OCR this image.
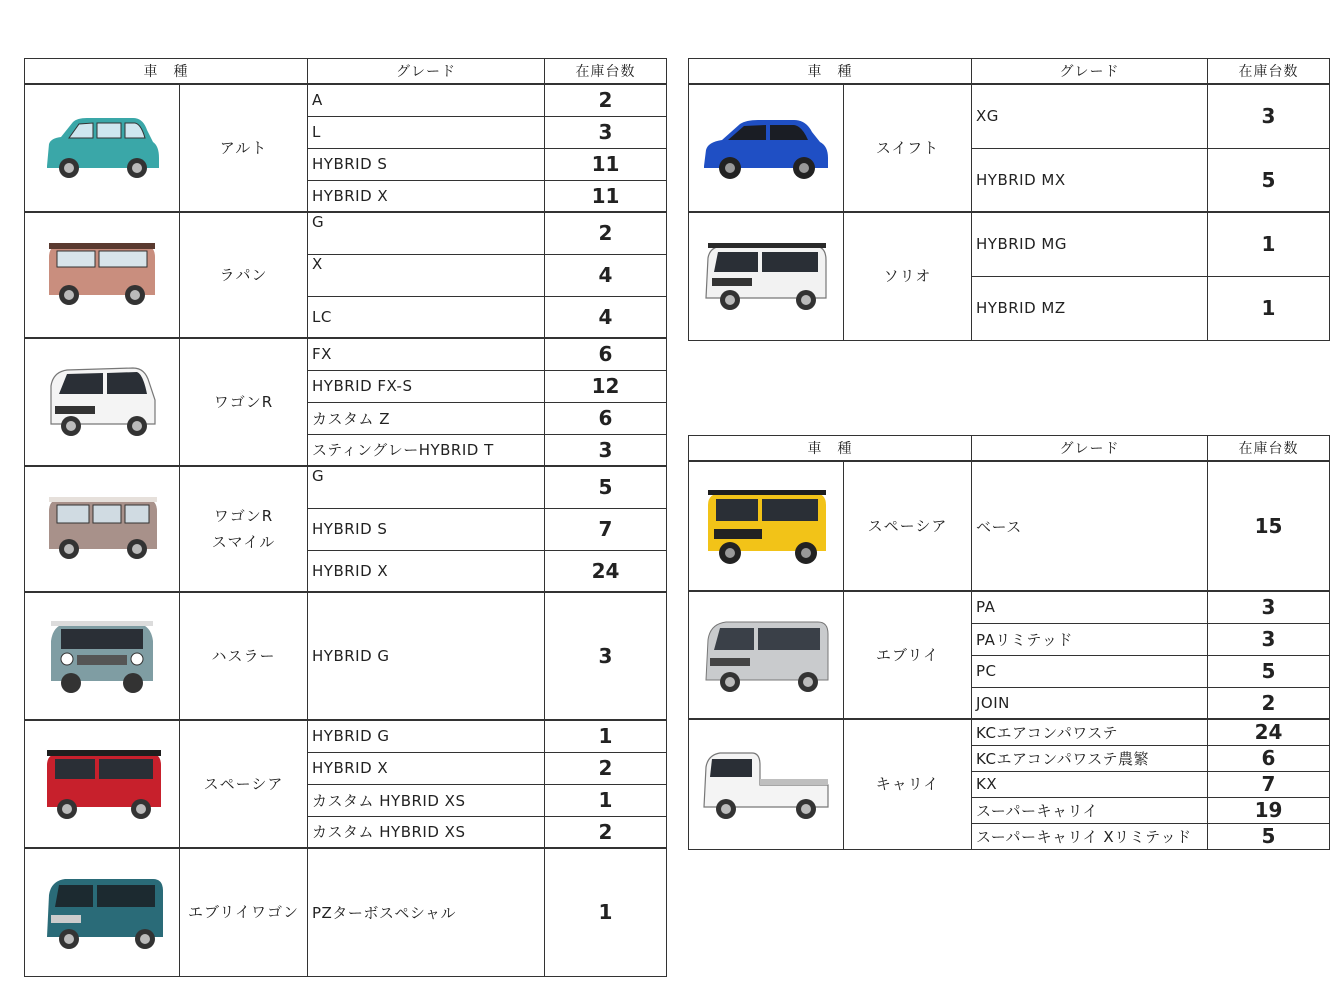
車　種		グレード	在庫台数

	アルト	A	2
		L	3
		HYBRID S	11
		HYBRID X	11

	ラパン	G	2
		X	4
		LC	4

	ワゴンR	FX	6
		HYBRID FX-S	12
		カスタム Z	6
		スティングレーHYBRID T	3

	ワゴンR
スマイル	G	5
		HYBRID S	7
		HYBRID X	24

	ハスラー	HYBRID G	3

	スペーシア	HYBRID G	1
		HYBRID X	2
		カスタム HYBRID XS	1
		カスタム HYBRID XS	2

	エブリイワゴン	PZターボスペシャル	1
車　種		グレード	在庫台数

	スイフト	XG	3
		HYBRID MX	5

	ソリオ	HYBRID MG	1
		HYBRID MZ	1
車　種		グレード	在庫台数

	スペーシア	ベース	15

	エブリイ	PA	3
		PAリミテッド	3
		PC	5
		JOIN	2

	キャリイ	KCエアコンパワステ	24
		KCエアコンパワステ農繁	6
		KX	7
		スーパーキャリイ	19
		スーパーキャリイ Xリミテッド	5
